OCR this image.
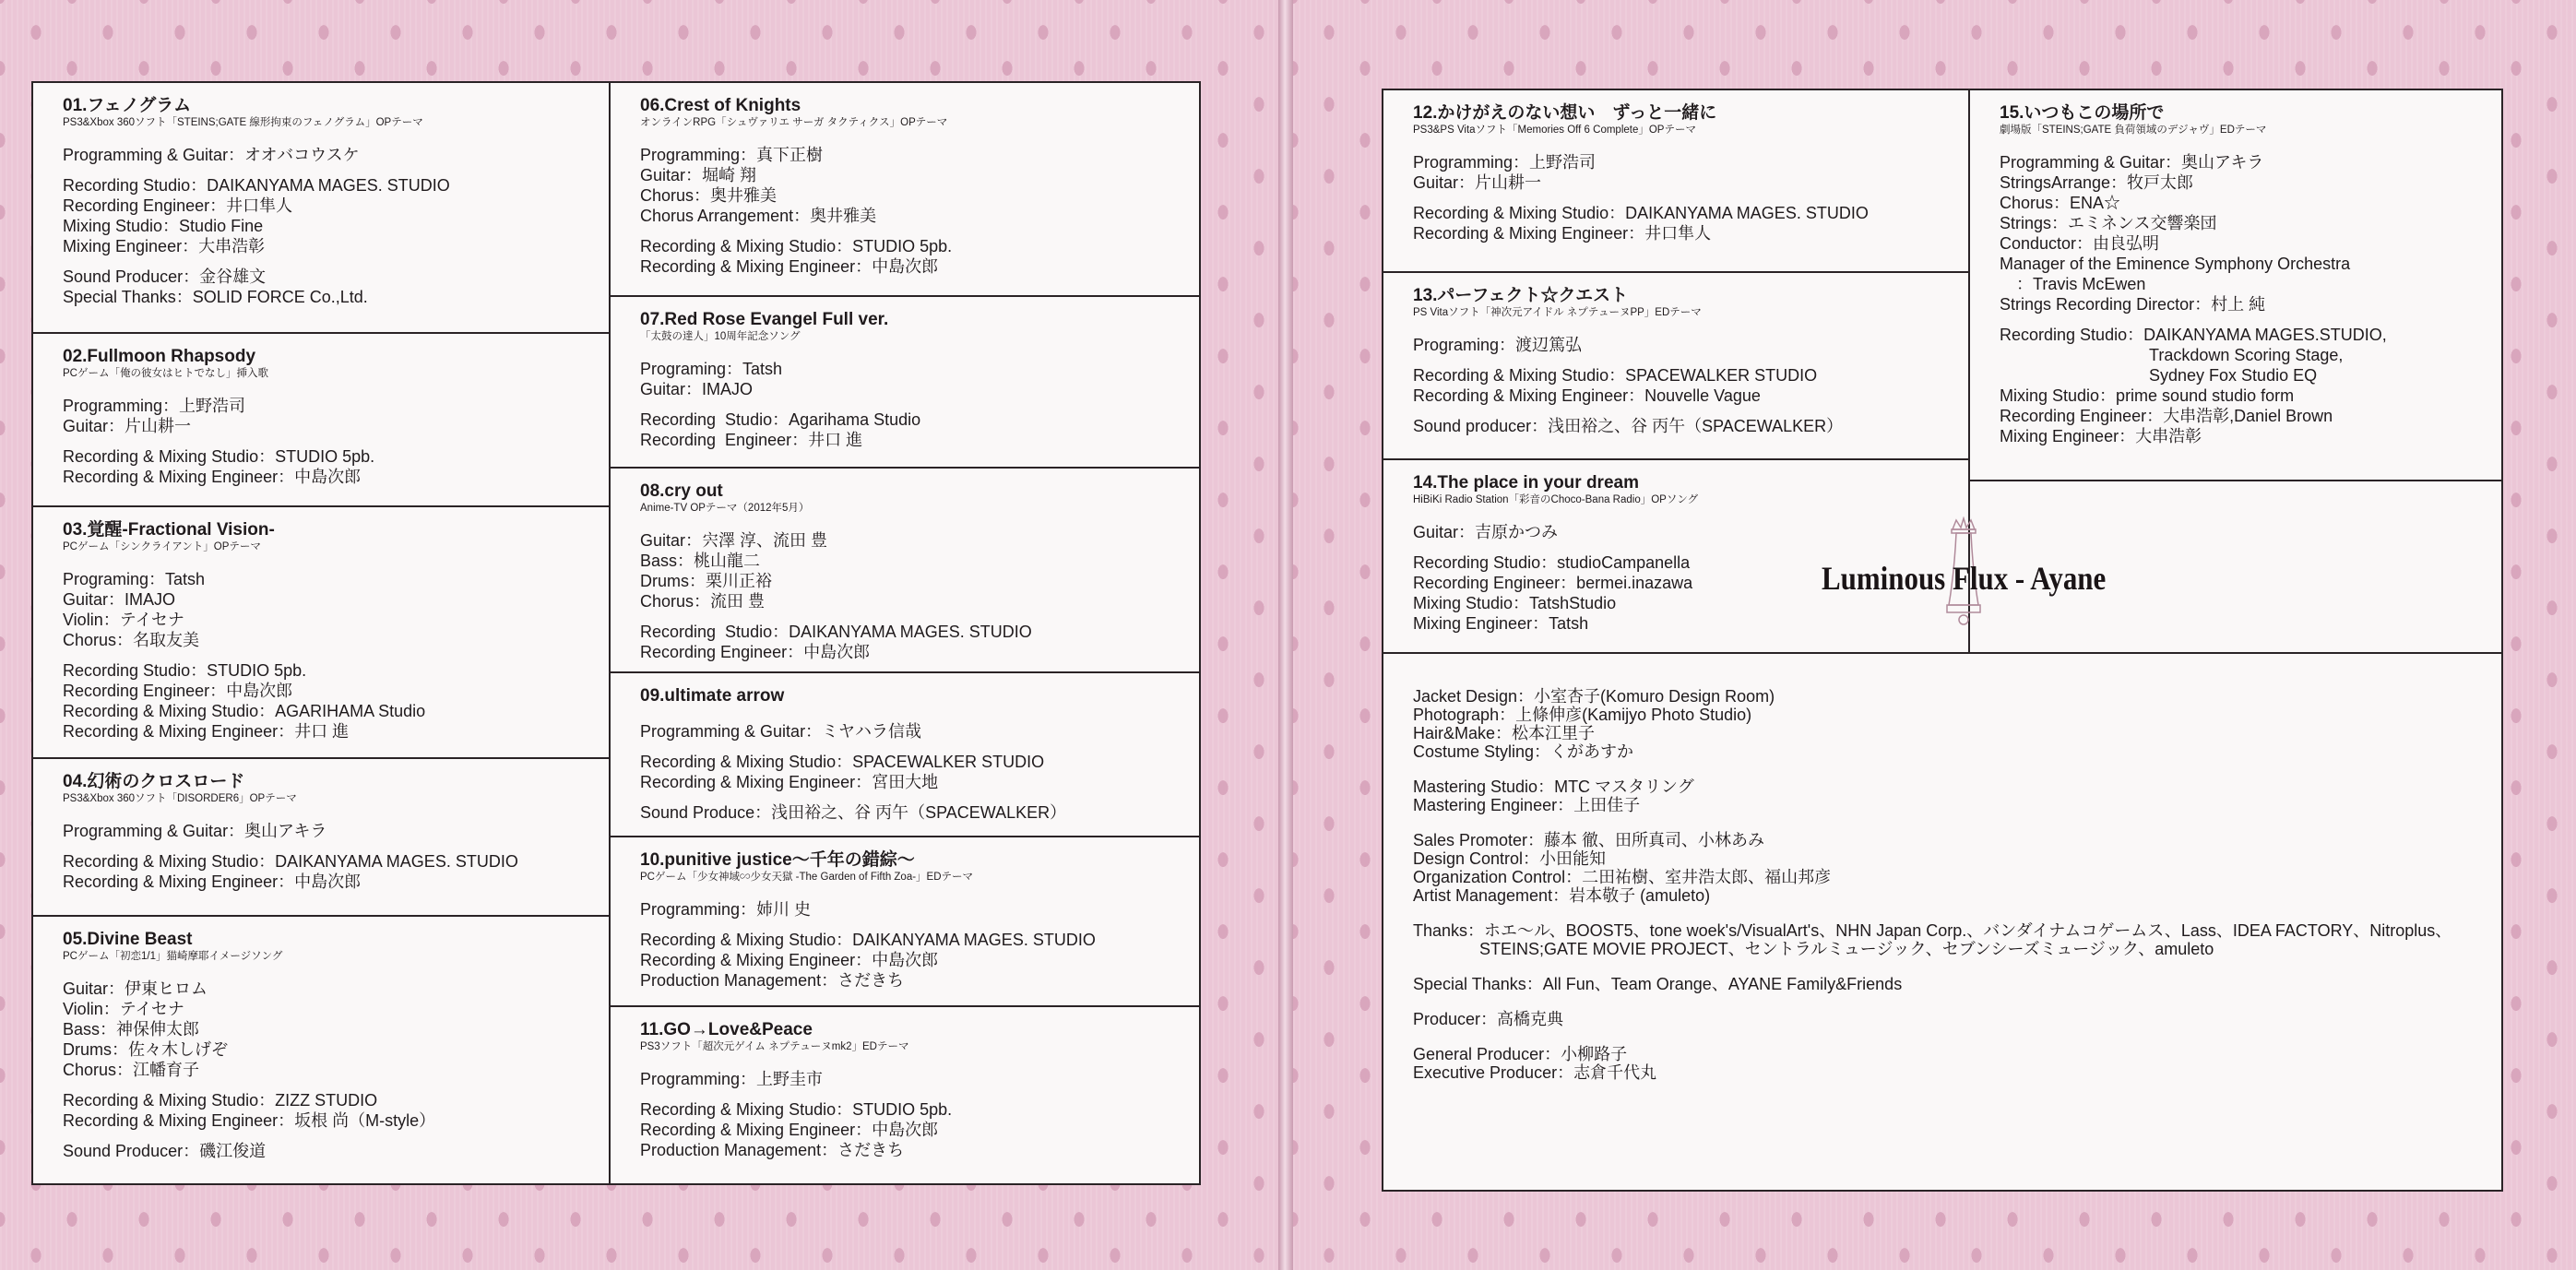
01.フェノグラム
PS3&Xbox 360ソフト「STEINS;GATE 線形拘束のフェノグラム」OPテーマ
Programming & Guitar：オオバコウスケ
Recording Studio：DAIKANYAMA MAGES. STUDIO
Recording Engineer：井口隼人
Mixing Studio：Studio Fine
Mixing Engineer：大串浩彰
Sound Producer：金谷雄文
Special Thanks：SOLID FORCE Co.,Ltd.
02.Fullmoon Rhapsody
PCゲーム「俺の彼女はヒトでなし」挿入歌
Programming：上野浩司
Guitar：片山耕一
Recording & Mixing Studio：STUDIO 5pb.
Recording & Mixing Engineer：中島次郎
03.覚醒-Fractional Vision-
PCゲーム「シンクライアント」OPテーマ
Programing：Tatsh
Guitar：IMAJO
Violin：テイセナ
Chorus：名取友美
Recording Studio：STUDIO 5pb.
Recording Engineer：中島次郎
Recording & Mixing Studio：AGARIHAMA Studio
Recording & Mixing Engineer：井口 進
04.幻術のクロスロード
PS3&Xbox 360ソフト「DISORDER6」OPテーマ
Programming & Guitar：奥山アキラ
Recording & Mixing Studio：DAIKANYAMA MAGES. STUDIO
Recording & Mixing Engineer：中島次郎
05.Divine Beast
PCゲーム「初恋1/1」猫崎摩耶イメージソング
Guitar：伊東ヒロム
Violin：テイセナ
Bass：神保伸太郎
Drums：佐々木しげぞ
Chorus：江幡育子
Recording & Mixing Studio：ZIZZ STUDIO
Recording & Mixing Engineer：坂根 尚（M-style）
Sound Producer：磯江俊道
06.Crest of Knights
オンラインRPG「シュヴァリエ サーガ タクティクス」OPテーマ
Programming：真下正樹
Guitar：堀崎 翔
Chorus：奥井雅美
Chorus Arrangement：奥井雅美
Recording & Mixing Studio：STUDIO 5pb.
Recording & Mixing Engineer：中島次郎
07.Red Rose Evangel Full ver.
「太鼓の達人」10周年記念ソング
Programing：Tatsh
Guitar：IMAJO
Recording  Studio：Agarihama Studio
Recording  Engineer：井口 進
08.cry out
Anime-TV OPテーマ（2012年5月）
Guitar：宍澤 淳、流田 豊
Bass：桃山龍二
Drums：栗川正裕
Chorus：流田 豊
Recording  Studio：DAIKANYAMA MAGES. STUDIO
Recording Engineer：中島次郎
09.ultimate arrow
Programming & Guitar：ミヤハラ信哉
Recording & Mixing Studio：SPACEWALKER STUDIO
Recording & Mixing Engineer：宮田大地
Sound Produce：浅田裕之、谷 丙午（SPACEWALKER）
10.punitive justice～千年の錯綜～
PCゲーム「少女神域∽少女天獄 -The Garden of Fifth Zoa-」EDテーマ
Programming：姉川 史
Recording & Mixing Studio：DAIKANYAMA MAGES. STUDIO
Recording & Mixing Engineer：中島次郎
Production Management：さだきち
11.GO→Love&Peace
PS3ソフト「超次元ゲイム ネプテューヌmk2」EDテーマ
Programming：上野圭市
Recording & Mixing Studio：STUDIO 5pb.
Recording & Mixing Engineer：中島次郎
Production Management：さだきち
12.かけがえのない想い　ずっと一緒に
PS3&PS Vitaソフト「Memories Off 6 Complete」OPテーマ
Programming：上野浩司
Guitar：片山耕一
Recording & Mixing Studio：DAIKANYAMA MAGES. STUDIO
Recording & Mixing Engineer：井口隼人
13.パーフェクト☆クエスト
PS Vitaソフト「神次元アイドル ネプテューヌPP」EDテーマ
Programing：渡辺篤弘
Recording & Mixing Studio：SPACEWALKER STUDIO
Recording & Mixing Engineer：Nouvelle Vague
Sound producer：浅田裕之、谷 丙午（SPACEWALKER）
14.The place in your dream
HiBiKi Radio Station「彩音のChoco-Bana Radio」OPソング
Guitar：吉原かつみ
Recording Studio：studioCampanella
Recording Engineer：bermei.inazawa
Mixing Studio：TatshStudio
Mixing Engineer：Tatsh
15.いつもこの場所で
劇場版「STEINS;GATE 負荷領域のデジャヴ」EDテーマ
Programming & Guitar：奥山アキラ
StringsArrange：牧戸太郎
Chorus：ENA☆
Strings：エミネンス交響楽団
Conductor：由良弘明
Manager of the Eminence Symphony Orchestra
　：Travis McEwen
Strings Recording Director：村上 純
Recording Studio：DAIKANYAMA MAGES.STUDIO,
　　　　　　　　　Trackdown Scoring Stage,
　　　　　　　　　Sydney Fox Studio EQ
Mixing Studio：prime sound studio form
Recording Engineer：大串浩彰,Daniel Brown
Mixing Engineer：大串浩彰
Luminous Flux - Ayane
Jacket Design：小室杏子(Komuro Design Room)
Photograph：上條伸彦(Kamijyo Photo Studio)
Hair&Make：松本江里子
Costume Styling：くがあすか
Mastering Studio：MTC マスタリング
Mastering Engineer：上田佳子
Sales Promoter：藤本 徹、田所真司、小林あみ
Design Control：小田能知
Organization Control：二田祐樹、室井浩太郎、福山邦彦
Artist Management：岩本敬子 (amuleto)
Thanks：ホエ～ル、BOOST5、tone woek's/VisualArt's、NHN Japan Corp.、バンダイナムコゲームス、Lass、IDEA FACTORY、Nitroplus、
　　　　STEINS;GATE MOVIE PROJECT、セントラルミュージック、セブンシーズミュージック、amuleto
Special Thanks：All Fun、Team Orange、AYANE Family&Friends
Producer：高橋克典
General Producer：小柳路子
Executive Producer：志倉千代丸
